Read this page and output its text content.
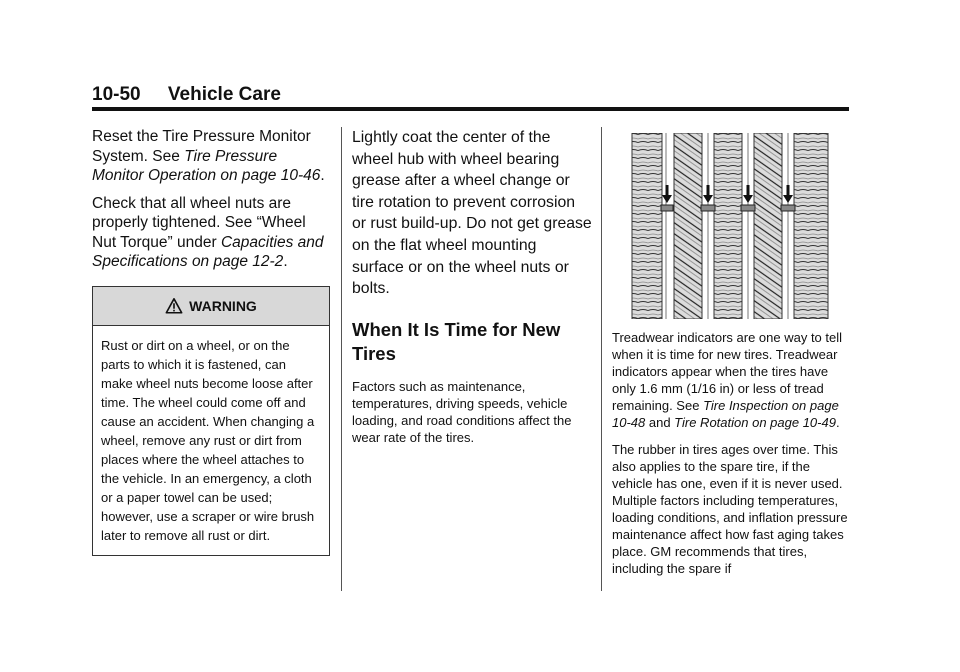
10-50 Vehicle Care

Reset the Tire Pressure Monitor System. See Tire Pressure Monitor Operation on page 10-46.

Check that all wheel nuts are properly tightened. See “Wheel Nut Torque” under Capacities and Specifications on page 12-2.

WARNING
Rust or dirt on a wheel, or on the parts to which it is fastened, can make wheel nuts become loose after time. The wheel could come off and cause an accident. When changing a wheel, remove any rust or dirt from places where the wheel attaches to the vehicle. In an emergency, a cloth or a paper towel can be used; however, use a scraper or wire brush later to remove all rust or dirt.

Lightly coat the center of the wheel hub with wheel bearing grease after a wheel change or tire rotation to prevent corrosion or rust build-up. Do not get grease on the flat wheel mounting surface or on the wheel nuts or bolts.

When It Is Time for New Tires

Factors such as maintenance, temperatures, driving speeds, vehicle loading, and road conditions affect the wear rate of the tires.

Treadwear indicators are one way to tell when it is time for new tires. Treadwear indicators appear when the tires have only 1.6 mm (1/16 in) or less of tread remaining. See Tire Inspection on page 10-48 and Tire Rotation on page 10-49.

The rubber in tires ages over time. This also applies to the spare tire, if the vehicle has one, even if it is never used. Multiple factors including temperatures, loading conditions, and inflation pressure maintenance affect how fast aging takes place. GM recommends that tires, including the spare if
